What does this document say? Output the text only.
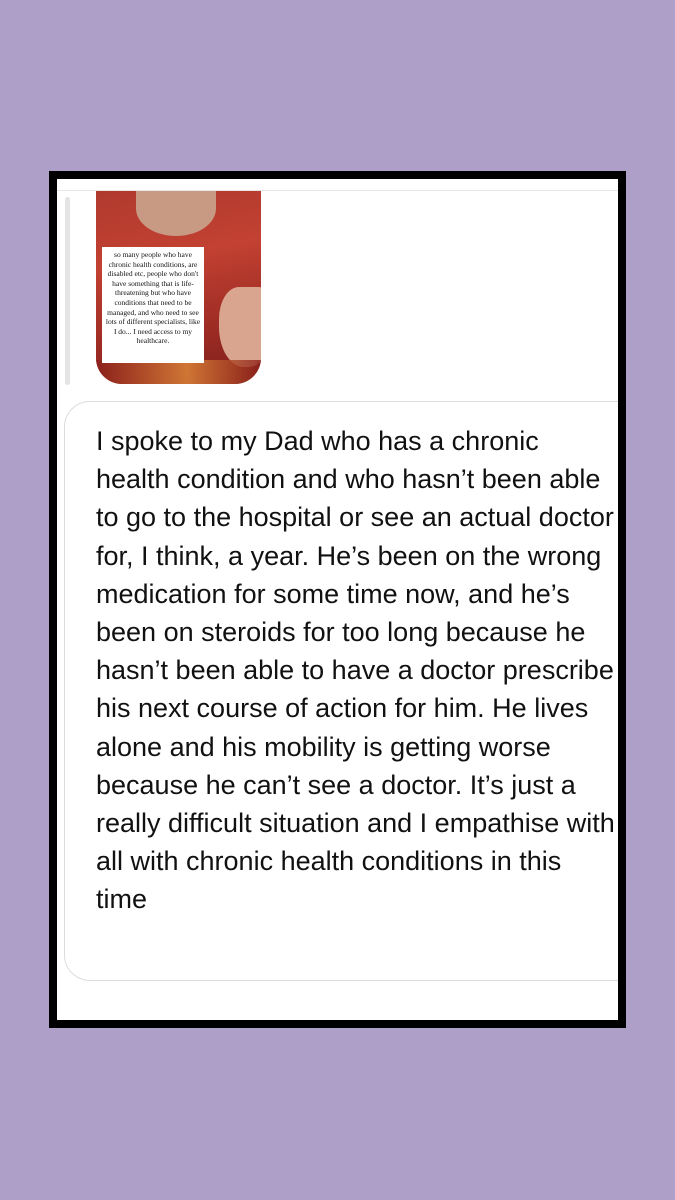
so many people who have chronic health conditions, are disabled etc, people who don't have something that is life-threatening but who have conditions that need to be managed, and who need to see lots of different specialists, like I do... I need access to my healthcare.

I spoke to my Dad who has a chronic health condition and who hasn’t been able to go to the hospital or see an actual doctor for, I think, a year. He’s been on the wrong medication for some time now, and he’s been on steroids for too long because he hasn’t been able to have a doctor prescribe his next course of action for him. He lives alone and his mobility is getting worse because he can’t see a doctor. It’s just a really difficult situation and I empathise with all with chronic health conditions in this time
